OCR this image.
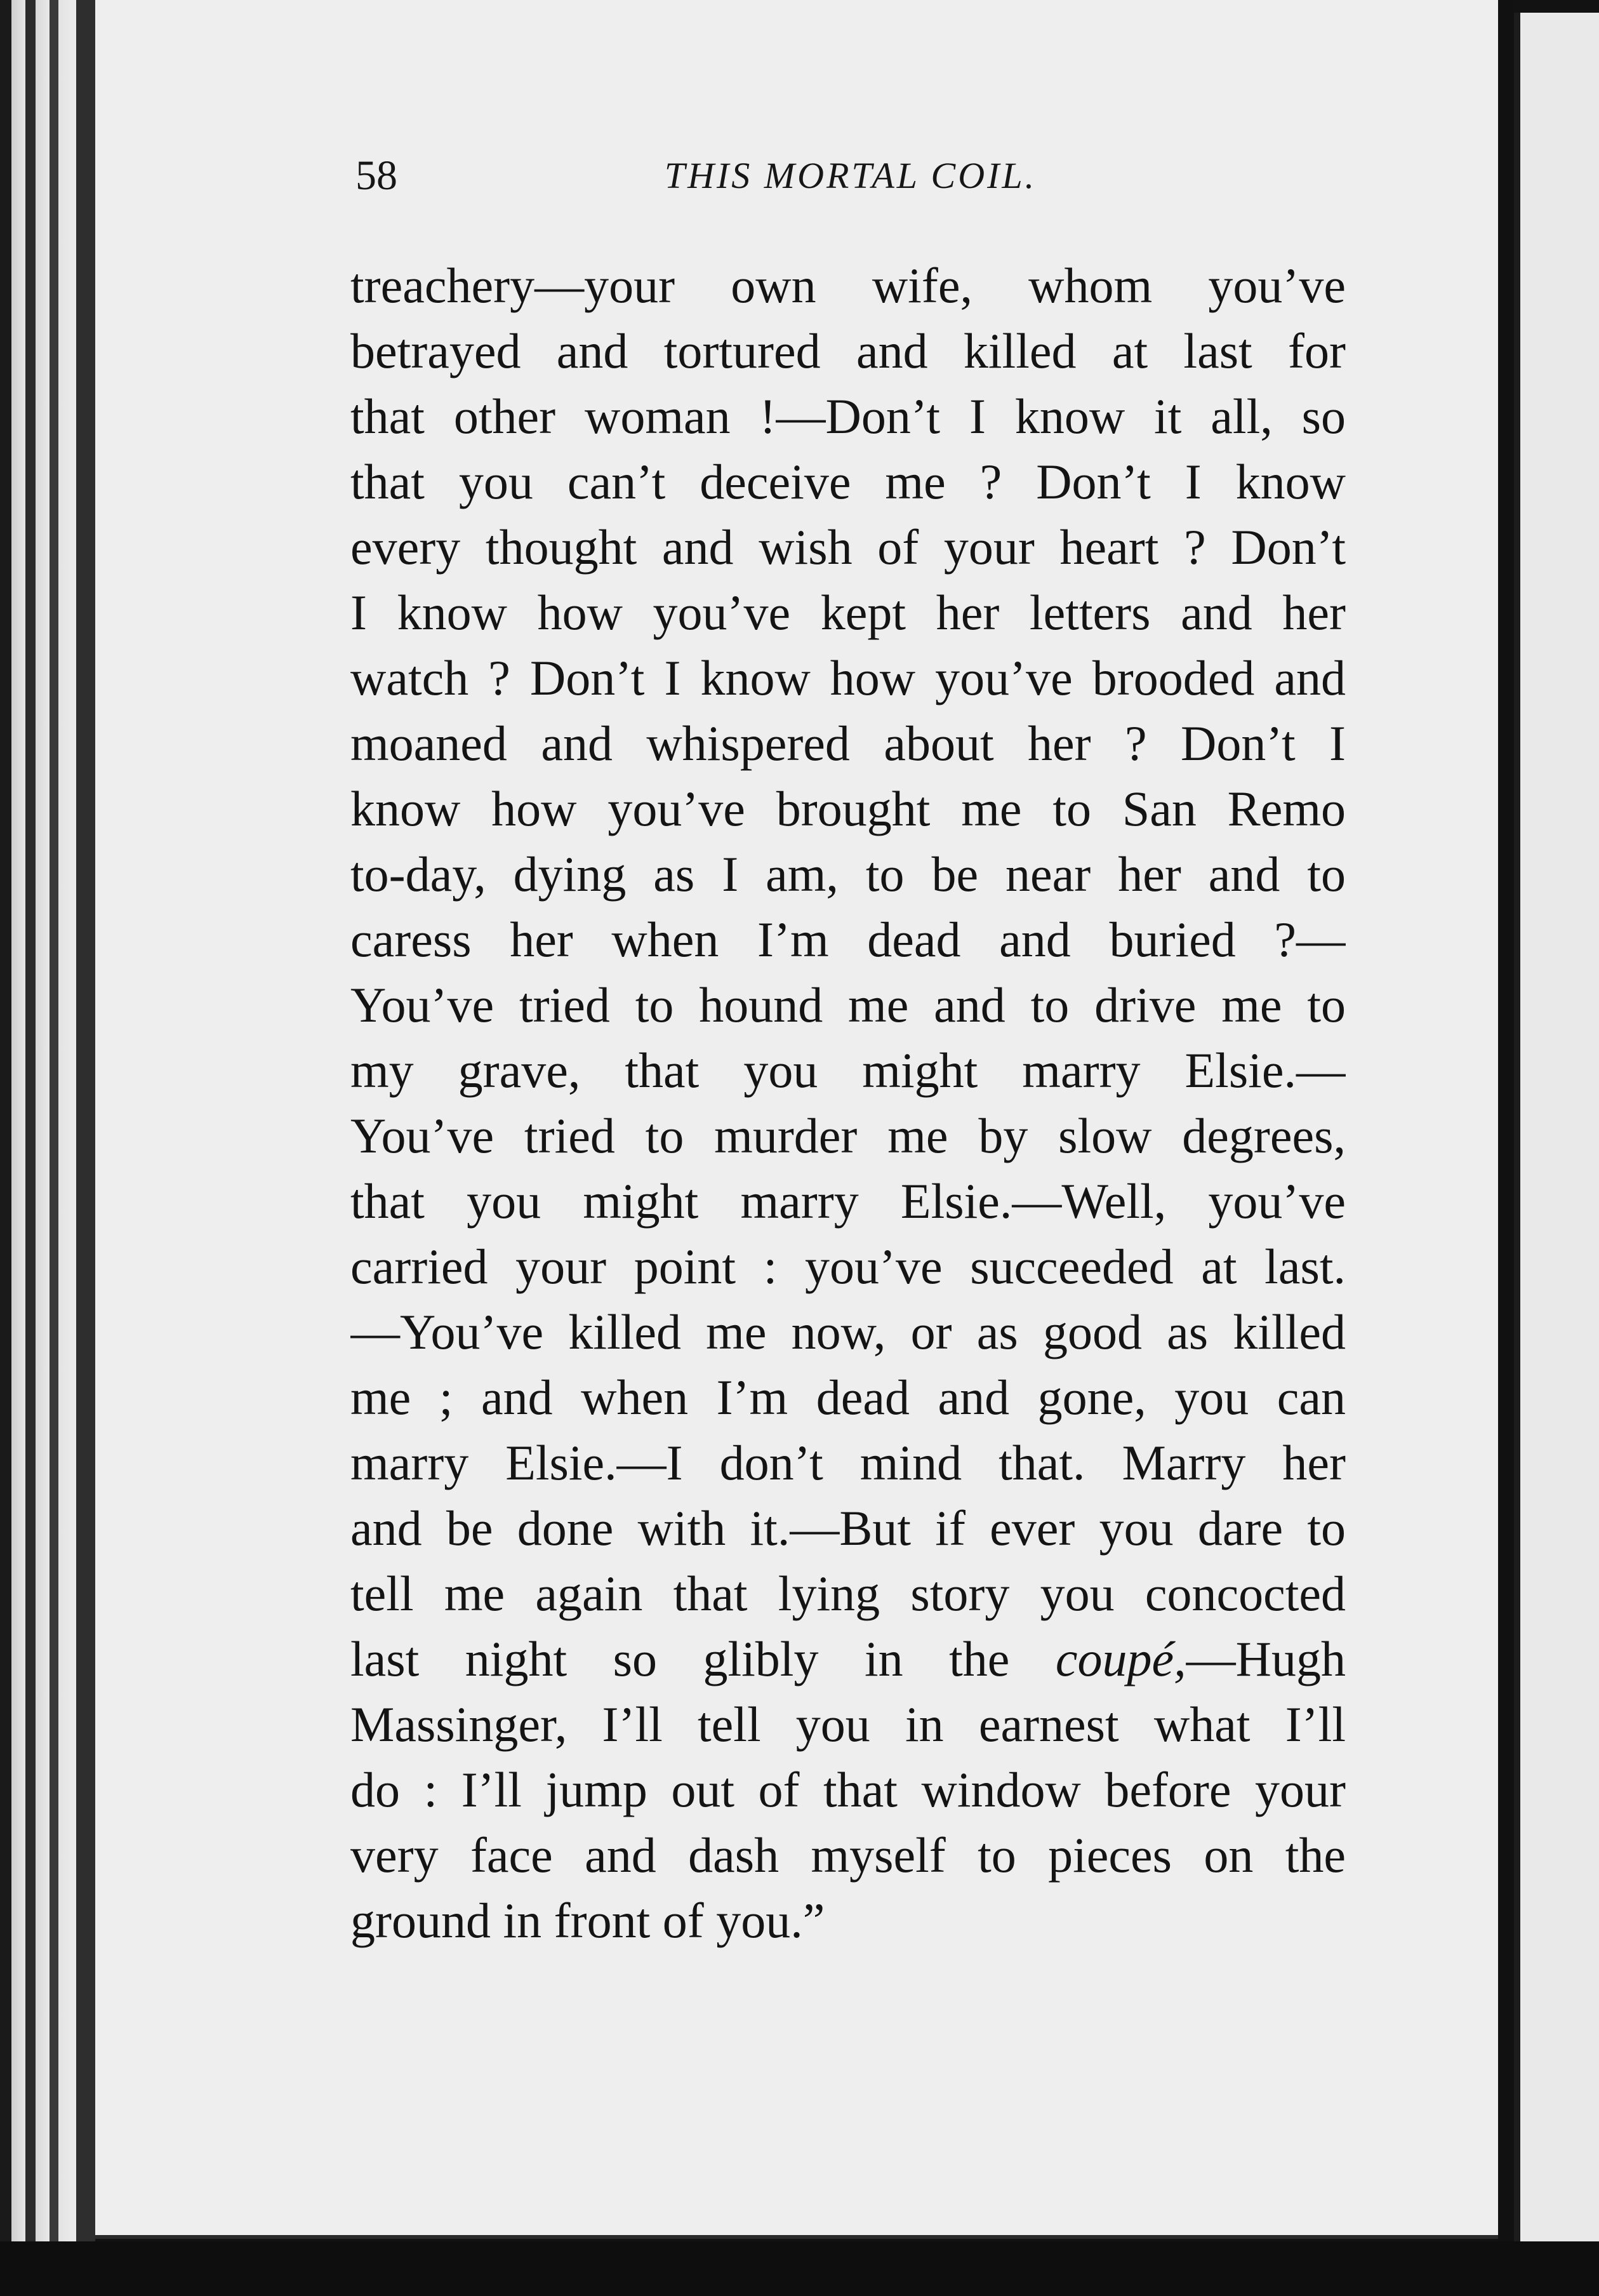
58	THIS MORTAL COIL.
treachery—your own wife, whom you’ve
betrayed and tortured and killed at last for
that other woman !—Don’t I know it all, so
that you can’t deceive me ? Don’t I know
every thought and wish of your heart ? Don’t
I know how you’ve kept her letters and her
watch ? Don’t I know how you’ve brooded and
moaned and whispered about her ? Don’t I
know how you’ve brought me to San Remo
to-day, dying as I am, to be near her and to
caress her when I’m dead and buried ?—
You’ve tried to hound me and to drive me to
my grave, that you might marry Elsie.—
You’ve tried to murder me by slow degrees,
that you might marry Elsie.—Well, you’ve
carried your point : you’ve succeeded at last.
—You’ve killed me now, or as good as killed
me ; and when I’m dead and gone, you can
marry Elsie.—I don’t mind that. Marry her
and be done with it.—But if ever you dare to
tell me again that lying story you concocted
last night so glibly in the coupé,—Hugh
Massinger, I’ll tell you in earnest what I’ll
do : I’ll jump out of that window before your
very face and dash myself to pieces on the
ground in front of you.”
